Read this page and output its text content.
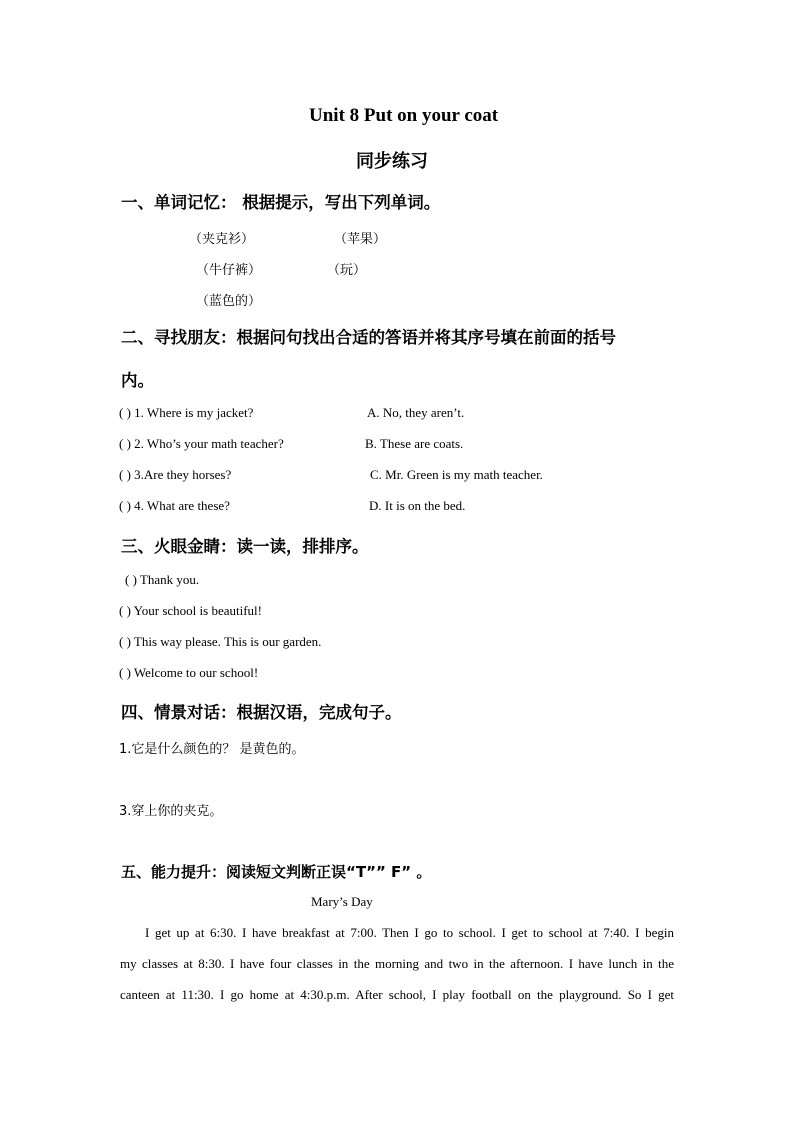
Unit 8 Put on your coat
同步练习
一、单词记忆： 根据提示，写出下列单词。
（夹克衫）	（苹果）
（牛仔裤）	（玩）
（蓝色的）
二、寻找朋友：根据问句找出合适的答语并将其序号填在前面的括号
内。
( ) 1. Where is my jacket?	A. No, they aren’t.
( ) 2. Who’s your math teacher?	B. These are coats.
( ) 3.Are they horses?	C. Mr. Green is my math teacher.
( ) 4. What are these?	D. It is on the bed.
三、火眼金睛：读一读，排排序。
( ) Thank you.
( ) Your school is beautiful!
( ) This way please. This is our garden.
( ) Welcome to our school!
四、情景对话：根据汉语，完成句子。
1.它是什么颜色的？ 是黄色的。
3.穿上你的夹克。
五、能力提升：阅读短文判断正误“T”” F” 。
Mary’s Day
I get up at 6:30. I have breakfast at 7:00. Then I go to school. I get to school at 7:40. I begin
my classes at 8:30. I have four classes in the morning and two in the afternoon. I have lunch in the
canteen at 11:30. I go home at 4:30.p.m. After school, I play football on the playground. So I get
